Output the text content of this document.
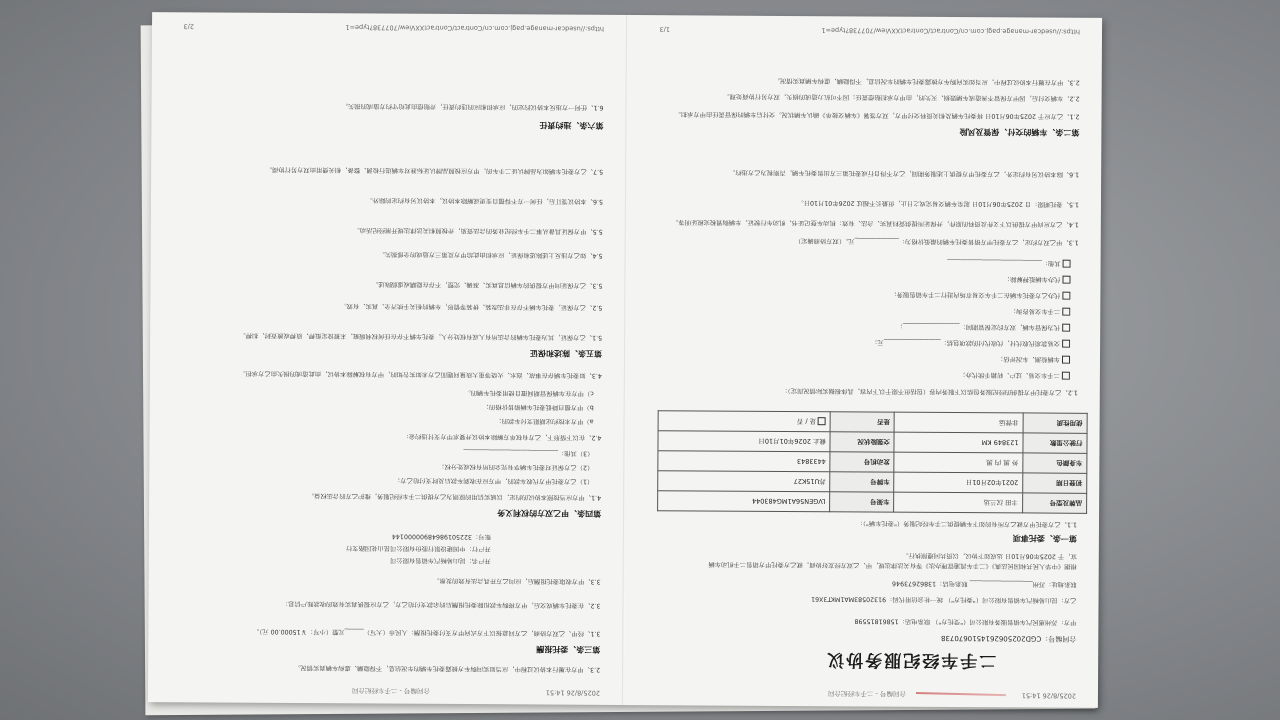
2025/8/26 14:51
合同编号 - 二手车经纪合同
二手车经纪服务协议
合同编号：CGD2025062614510670738
甲方：苏州惠民汽车销售服务有限公司（"受托方"） 联系电话：15861815598
乙方：昆山易畅汽车销售有限公司（"委托方"） 统一社会信用代码：91320583MA1MKT3X61
联系地址：苏州____________________ 联系电话：13862673946
根据《中华人民共和国民法典》《二手车流通管理办法》等有关法律法规，甲、乙双方经友好协商，就乙方委托甲方销售二手机动车辆
宜，于 2025年06月10日 达成如下协议，以资共同遵照执行。
第一条、委托事项
1.1、乙方委托甲方就乙方所有的如下车辆提供二手车经纪服务（"委托车辆"）：
品牌及型号	丰田 汉兰达	车架号	LVGEN56A1MG483044
初登日期	2021年02月01日	车牌号	苏U15K27
车身颜色	外 黑 内 黑	发动机号	4433843
行驶公里数	123849 KM	交强险状况	截止 2026年01月10日
使用性质	非营运	是否	是 / 否
1.2、乙方委托甲方提供的经纪服务包括以下服务内容（包括但不限于以下内容，具体根据实际情况而定）：
二手车交易、过户、转籍手续代办；
车辆检测、车况评估；
交易款项代收代付，代收代付的款项包括：__________________元；
代为保管车辆，双方约定保管期间：__________________；
二手车交易咨询；
代办乙方委托车辆在二手车交易市场内进行二手车销售服务；
代办车辆抵押解除；
其他：______________________________
1.3、甲乙双方约定，乙方委托甲方销售委托车辆的最低价格为：______________元。（双方协商确定）
1.4、乙方应向甲方提供以下文件及资料的原件，并保证所提供资料真实、合法、有效：机动车登记证书、机动车行驶证、车辆购置税完税证明等。
1.5、委托期限：自 2025年06月10日 起至车辆交易完成之日止，但最长不超过 2026年01月10日。
1.6、除本协议另有约定外，乙方委托甲方提供上述服务期间，乙方不得自行或委托第三方出售委托车辆，否则视为乙方违约。
第二条、车辆的交付、保管及风险
2.1、乙方应于 2025年06月10日 将委托车辆及相关资料交付甲方，双方签署《车辆交接单》确认车辆状况。交付后车辆的保管责任由甲方承担。
2.2、车辆交付后，因甲方保管不善造成车辆毁损、灭失的，由甲方承担赔偿责任；因不可抗力造成的损失，双方另行协商处理。
2.3、甲方在履行本协议过程中，应当如实向购车方披露委托车辆的车况信息，不得隐瞒、虚构车辆真实情况。
https://usedcar-manage.pagj.com.cn/Contract/ContractXXView/707738?type=1
1/3
2025/8/26 14:51
合同编号 - 二手车经纪合同
2.3、甲方在履行本协议过程中，应当如实向购车方披露委托车辆的车况信息，不得隐瞒、虚构车辆真实情况。
第三条、委托报酬
3.1、经甲、乙双方协商，乙方同意按以下方式向甲方支付委托报酬：人民币（大写）______元整（小写：￥15000.00 元）。
3.2、在委托车辆成交后，甲方将购车款扣除委托报酬后的余款支付给乙方，乙方应提供真实有效的收款账户信息：
3.3、甲方收取委托报酬后，应向乙方开具合法有效的发票。
开户名：昆山易畅汽车销售有限公司
开户行：中国建设银行股份有限公司昆山花园路支行
账号：32250198648900000144
第四条、甲乙双方的权利义务
4.1、甲方应当按照本协议的约定，以诚实信用的原则为乙方提供二手车经纪服务，维护乙方的合法权益。
（1）乙方委托甲方代收车款的，甲方应在收到车款后及时支付给乙方；
（2）乙方保证对委托车辆享有完全的所有权或处分权；
（3）其他：______________________________
4.2、在以下情形下，乙方有权单方解除本协议并要求甲方支付违约金：
a）甲方未按约定期限支付车款的；
b）甲方擅自降低委托车辆销售价格的；
c）甲方在车辆保管期间擅自使用委托车辆的。
4.3、如委托车辆存在事故、泡水、火烧等重大质量问题而乙方未如实告知的，甲方有权解除本协议，由此造成的损失由乙方承担。
第五条、陈述和保证
5.1、乙方保证，其为委托车辆的合法所有人或有权处分人，委托车辆不存在任何权利瑕疵，未被设定抵押、质押或被查封、扣押。
5.2、乙方保证，委托车辆不存在非法改装、拼装等情形，车辆的相关手续齐全、真实、有效。
5.3、乙方保证向甲方提供的车辆信息真实、准确、完整，不存在隐瞒或虚假陈述。
5.4、如乙方违反上述陈述和保证，应承担由此给甲方及第三方造成的全部损失。
5.5、甲方保证具备从事二手车经纪业务的合法资质，并按照相关法律法规开展经纪活动。
5.6、本协议签订后，任何一方不得擅自变更或解除本协议，本协议另有约定的除外。
5.7、乙方委托车辆如为品牌认证二手车的，甲方应按照品牌认证标准对车辆进行检测、整备，相关费用由双方另行协商。
第六条、违约责任
6.1、任何一方违反本协议约定的，应承担相应的违约责任，并赔偿由此给守约方造成的损失。
https://usedcar-manage.pagj.com.cn/Contract/ContractXXView/707738?type=1
2/3
